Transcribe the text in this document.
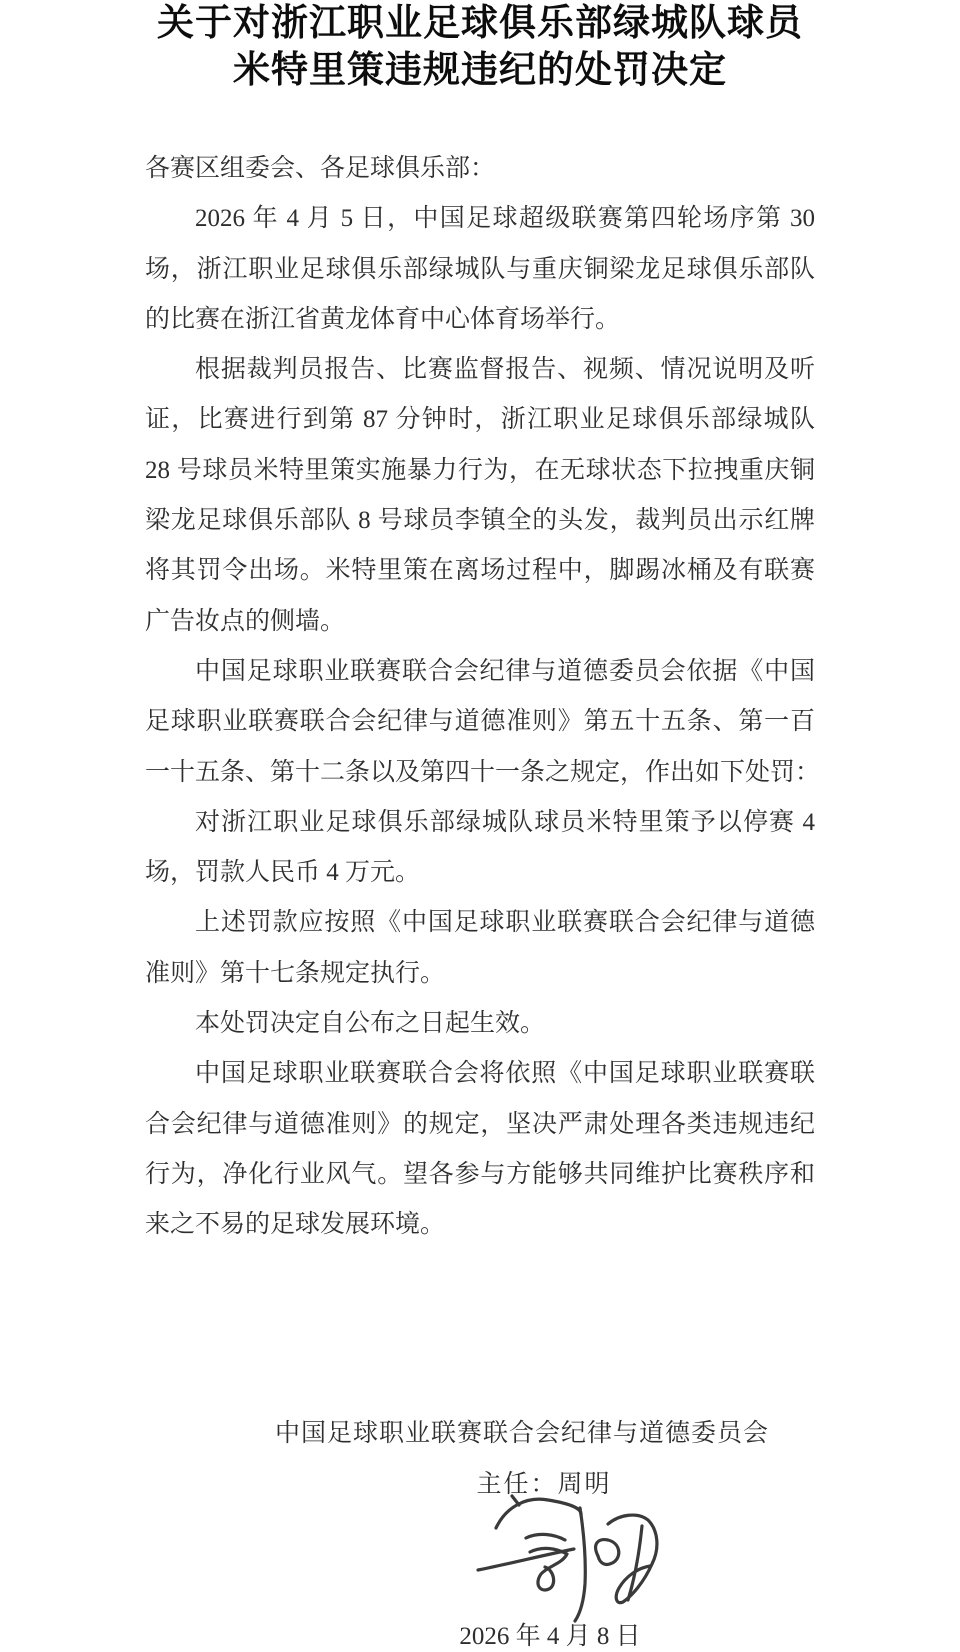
关于对浙江职业足球俱乐部绿城队球员
米特里策违规违纪的处罚决定
各赛区组委会、各足球俱乐部：
2026 年 4 月 5 日，中国足球超级联赛第四轮场序第 30
场，浙江职业足球俱乐部绿城队与重庆铜梁龙足球俱乐部队
的比赛在浙江省黄龙体育中心体育场举行。
根据裁判员报告、比赛监督报告、视频、情况说明及听
证，比赛进行到第 87 分钟时，浙江职业足球俱乐部绿城队
28 号球员米特里策实施暴力行为，在无球状态下拉拽重庆铜
梁龙足球俱乐部队 8 号球员李镇全的头发，裁判员出示红牌
将其罚令出场。米特里策在离场过程中，脚踢冰桶及有联赛
广告妆点的侧墙。
中国足球职业联赛联合会纪律与道德委员会依据《中国
足球职业联赛联合会纪律与道德准则》第五十五条、第一百
一十五条、第十二条以及第四十一条之规定，作出如下处罚：
对浙江职业足球俱乐部绿城队球员米特里策予以停赛 4
场，罚款人民币 4 万元。
上述罚款应按照《中国足球职业联赛联合会纪律与道德
准则》第十七条规定执行。
本处罚决定自公布之日起生效。
中国足球职业联赛联合会将依照《中国足球职业联赛联
合会纪律与道德准则》的规定，坚决严肃处理各类违规违纪
行为，净化行业风气。望各参与方能够共同维护比赛秩序和
来之不易的足球发展环境。
中国足球职业联赛联合会纪律与道德委员会
主任：周明
2026 年 4 月 8 日
